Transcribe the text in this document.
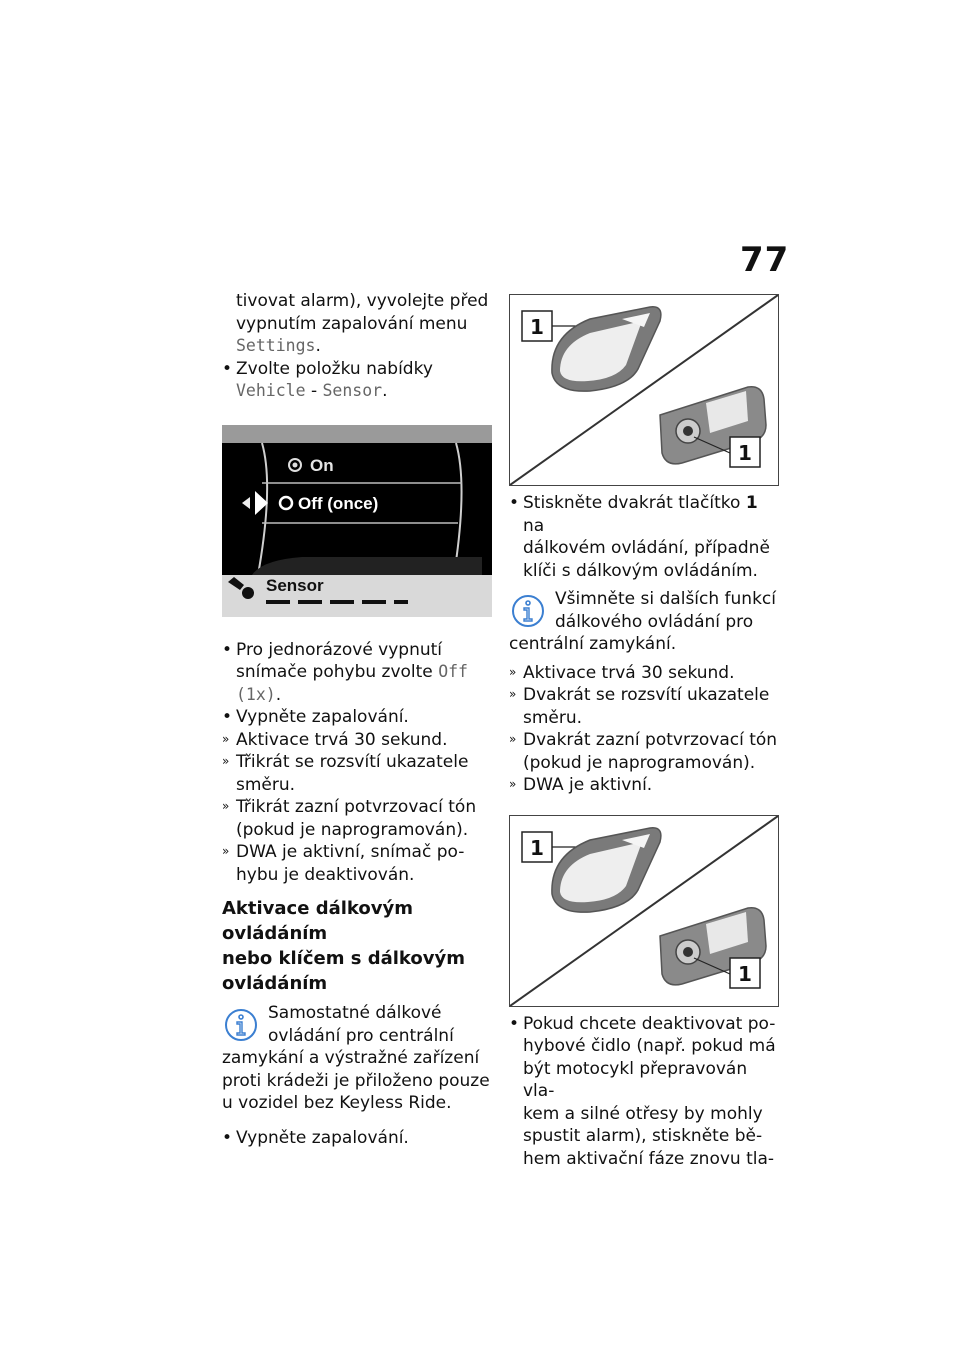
77

tivovat alarm), vyvolejte před

vypnutím zapalování menu

Settings.

• Zvolte položku nabídky

Vehicle - Sensor.

On
Off (once)
Sensor

• Pro jednorázové vypnutí

snímače pohybu zvolte Off

(1x).

• Vypněte zapalování.

» Aktivace trvá 30 sekund.

» Třikrát se rozsvítí ukazatele

směru.

» Třikrát zazní potvrzovací tón

(pokud je naprogramován).

» DWA je aktivní, snímač po-

hybu je deaktivován.

Aktivace dálkovým ovládáním
nebo klíčem s dálkovým
ovládáním

Samostatné dálkové

ovládání pro centrální

zamykání a výstražné zařízení

proti krádeži je přiloženo pouze

u vozidel bez Keyless Ride.

• Vypněte zapalování.

1
1

• Stiskněte dvakrát tlačítko 1 na

dálkovém ovládání, případně

klíči s dálkovým ovládáním.

Všimněte si dalších funkcí

dálkového ovládání pro

centrální zamykání.

» Aktivace trvá 30 sekund.

» Dvakrát se rozsvítí ukazatele

směru.

» Dvakrát zazní potvrzovací tón

(pokud je naprogramován).

» DWA je aktivní.

1
1

• Pokud chcete deaktivovat po-

hybové čidlo (např. pokud má

být motocykl přepravován vla-

kem a silné otřesy by mohly

spustit alarm), stiskněte bě-

hem aktivační fáze znovu tla-
